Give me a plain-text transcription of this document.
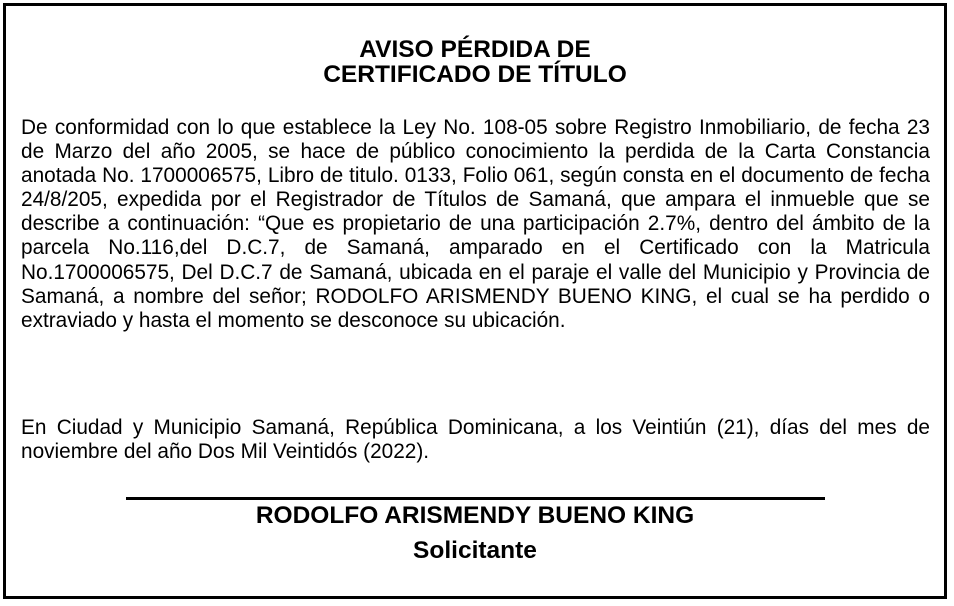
AVISO PÉRDIDA DE
CERTIFICADO DE TÍTULO

De conformidad con lo que establece la Ley No. 108-05 sobre Registro Inmobiliario, de fecha 23 de Marzo del año 2005, se hace de público conocimiento la perdida de la Carta Constancia anotada No. 1700006575, Libro de titulo. 0133, Folio 061, según consta en el documento de fecha 24/8/205, expedida por el Registrador de Títulos de Samaná, que ampara el inmueble que se describe a continuación: “Que es propietario de una participación 2.7%, dentro del ámbito de la parcela No.116,del D.C.7, de Samaná, amparado en el Certificado con la Matricula No.1700006575, Del D.C.7 de Samaná, ubicada en el paraje el valle del Municipio y Provincia de Samaná, a nombre del señor; RODOLFO ARISMENDY BUENO KING, el cual se ha perdido o extraviado y hasta el momento se desconoce su ubicación.

En Ciudad y Municipio Samaná, República Dominicana, a los Veintiún (21), días del mes de noviembre del año Dos Mil Veintidós (2022).

RODOLFO ARISMENDY BUENO KING

Solicitante
